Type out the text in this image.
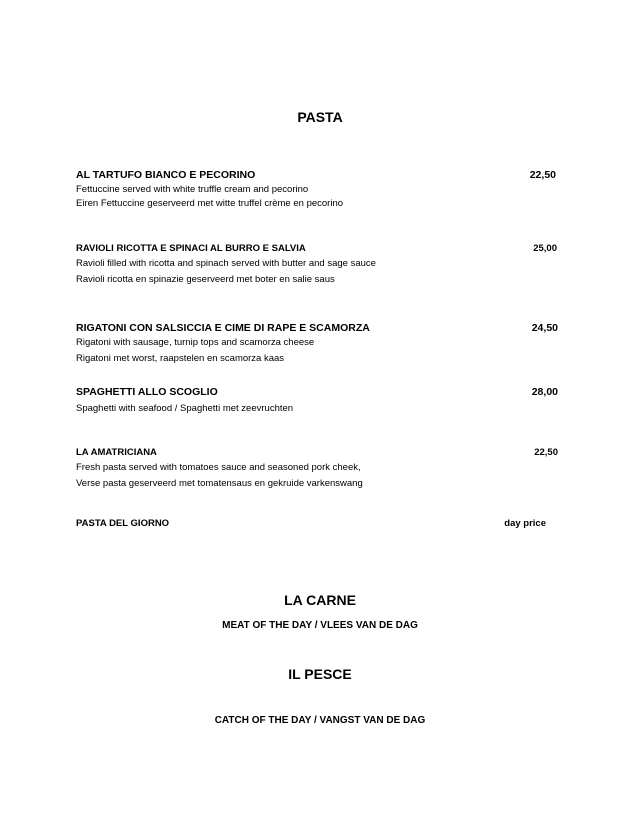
PASTA
AL TARTUFO BIANCO E PECORINO	22,50
Fettuccine served with white truffle cream and pecorino
Eiren Fettuccine geserveerd met witte truffel crème en pecorino
RAVIOLI RICOTTA E SPINACI AL BURRO E SALVIA	25,00
Ravioli filled with ricotta and spinach served with butter and sage sauce
Ravioli ricotta en spinazie geserveerd met boter en salie saus
RIGATONI CON SALSICCIA E CIME DI RAPE E SCAMORZA	24,50
Rigatoni with sausage, turnip tops and scamorza cheese
Rigatoni met worst, raapstelen en scamorza kaas
SPAGHETTI ALLO SCOGLIO	28,00
Spaghetti with seafood / Spaghetti met zeevruchten
LA AMATRICIANA	22,50
Fresh pasta served with tomatoes sauce and seasoned pork cheek,
Verse pasta geserveerd met tomatensaus en gekruide varkenswang
PASTA DEL GIORNO	day price
LA CARNE
MEAT OF THE DAY / VLEES VAN DE DAG
IL PESCE
CATCH OF THE DAY / VANGST VAN DE DAG
